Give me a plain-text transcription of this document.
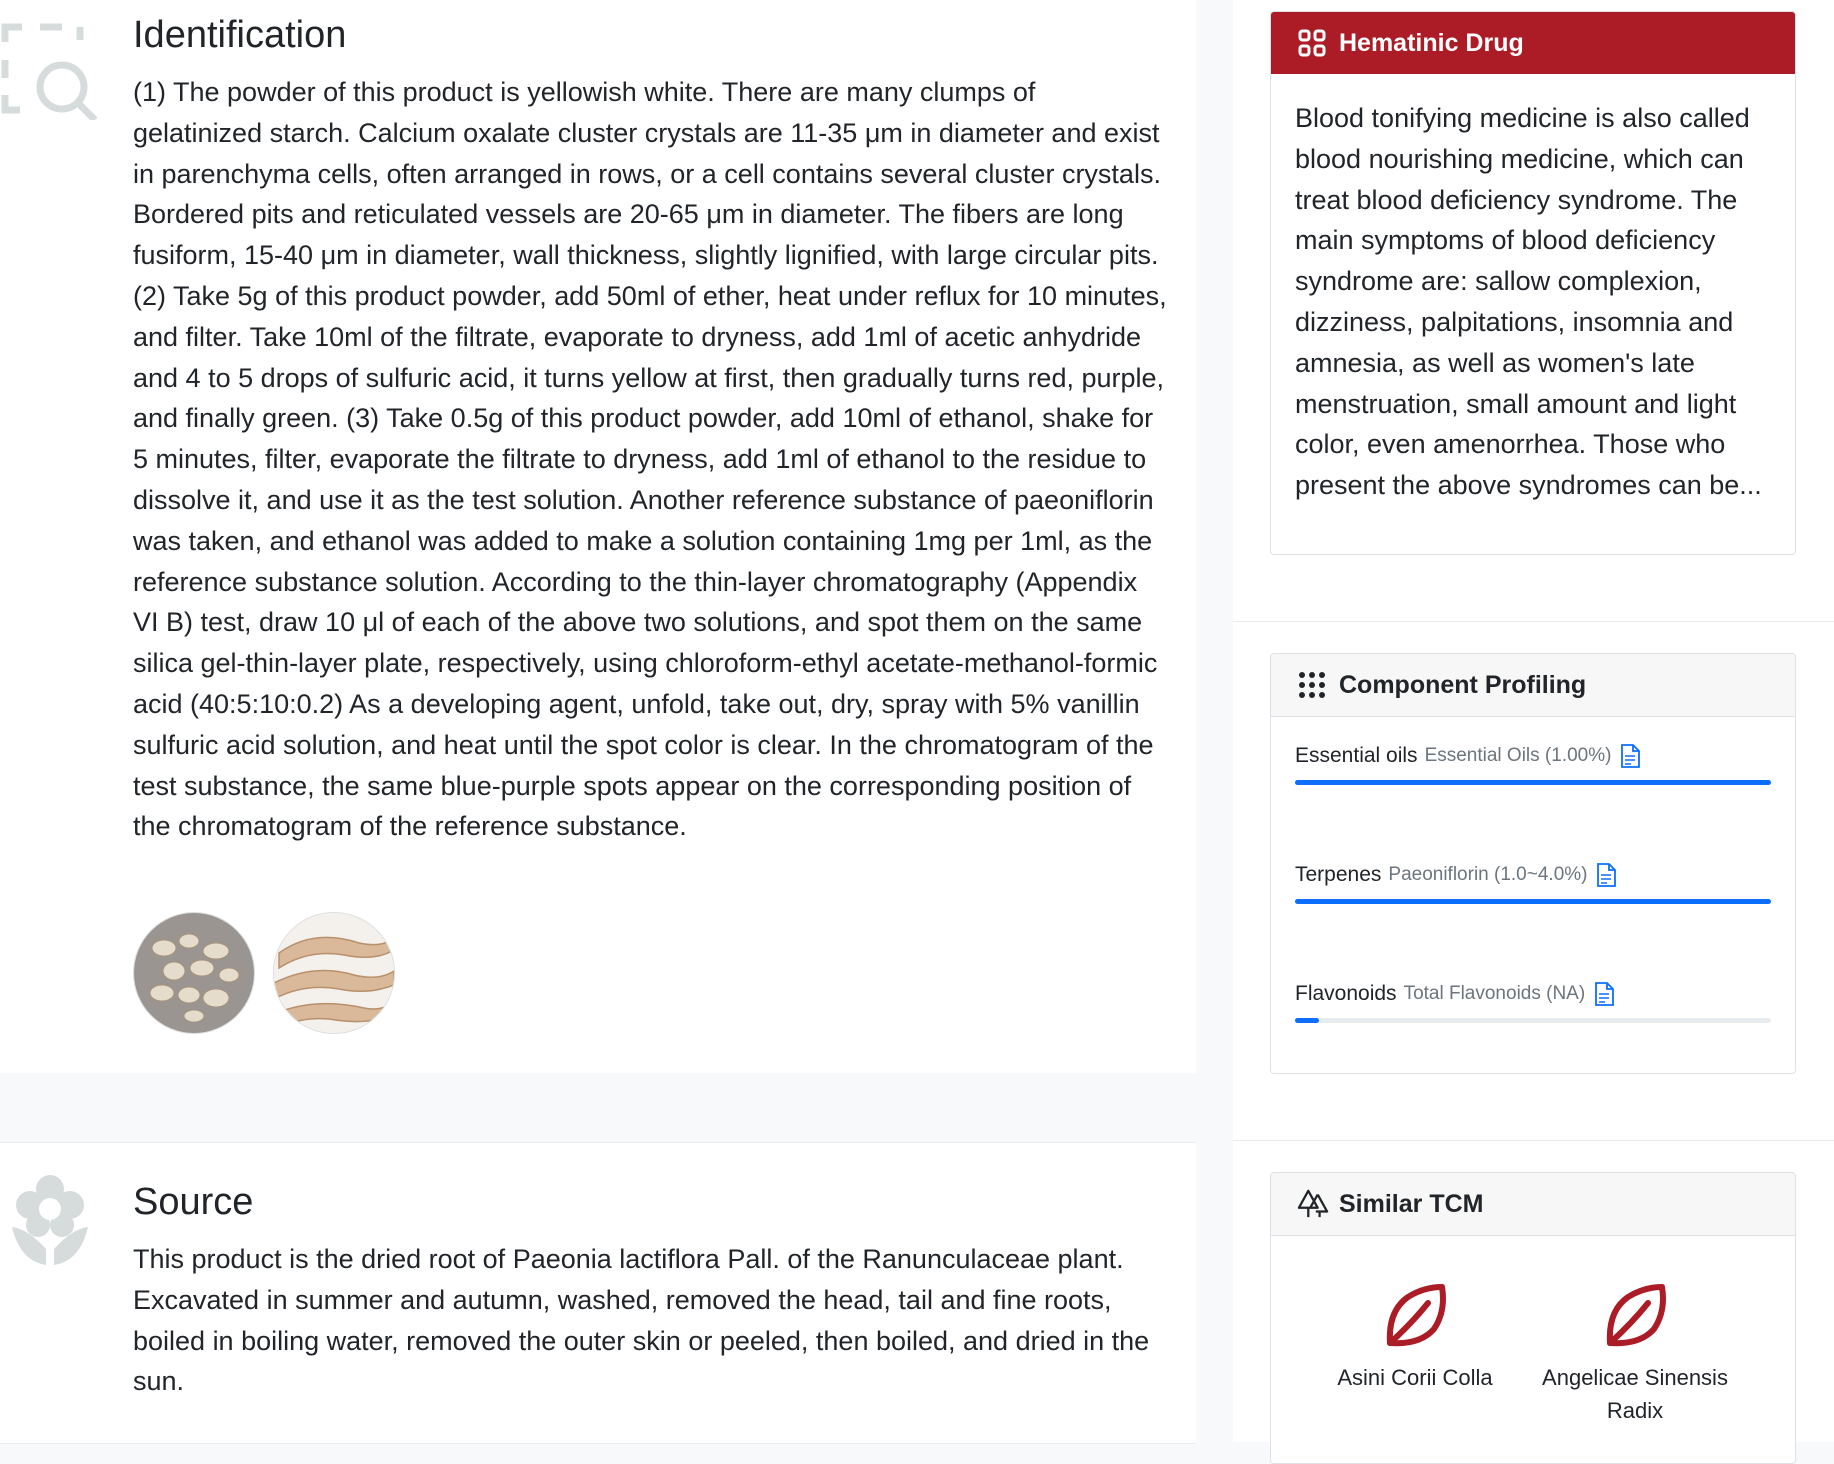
Identification

(1) The powder of this product is yellowish white. There are many clumps of gelatinized starch. Calcium oxalate cluster crystals are 11-35 μm in diameter and exist in parenchyma cells, often arranged in rows, or a cell contains several cluster crystals. Bordered pits and reticulated vessels are 20-65 μm in diameter. The fibers are long fusiform, 15-40 μm in diameter, wall thickness, slightly lignified, with large circular pits. (2) Take 5g of this product powder, add 50ml of ether, heat under reflux for 10 minutes, and filter. Take 10ml of the filtrate, evaporate to dryness, add 1ml of acetic anhydride and 4 to 5 drops of sulfuric acid, it turns yellow at first, then gradually turns red, purple, and finally green. (3) Take 0.5g of this product powder, add 10ml of ethanol, shake for 5 minutes, filter, evaporate the filtrate to dryness, add 1ml of ethanol to the residue to dissolve it, and use it as the test solution. Another reference substance of paeoniflorin was taken, and ethanol was added to make a solution containing 1mg per 1ml, as the reference substance solution. According to the thin-layer chromatography (Appendix VI B) test, draw 10 μl of each of the above two solutions, and spot them on the same silica gel-thin-layer plate, respectively, using chloroform-ethyl acetate-methanol-formic acid (40:5:10:0.2) As a developing agent, unfold, take out, dry, spray with 5% vanillin sulfuric acid solution, and heat until the spot color is clear. In the chromatogram of the test substance, the same blue-purple spots appear on the corresponding position of the chromatogram of the reference substance.

Source

This product is the dried root of Paeonia lactiflora Pall. of the Ranunculaceae plant. Excavated in summer and autumn, washed, removed the head, tail and fine roots, boiled in boiling water, removed the outer skin or peeled, then boiled, and dried in the sun.

Hematinic Drug
Blood tonifying medicine is also called blood nourishing medicine, which can treat blood deficiency syndrome. The main symptoms of blood deficiency syndrome are: sallow complexion, dizziness, palpitations, insomnia and amnesia, as well as women's late menstruation, small amount and light color, even amenorrhea. Those who present the above syndromes can be...
Component Profiling
Essential oils Essential Oils (1.00%)
Terpenes Paeoniflorin (1.0~4.0%)
Flavonoids Total Flavonoids (NA)
Similar TCM
Asini Corii Colla	Angelicae Sinensis Radix
